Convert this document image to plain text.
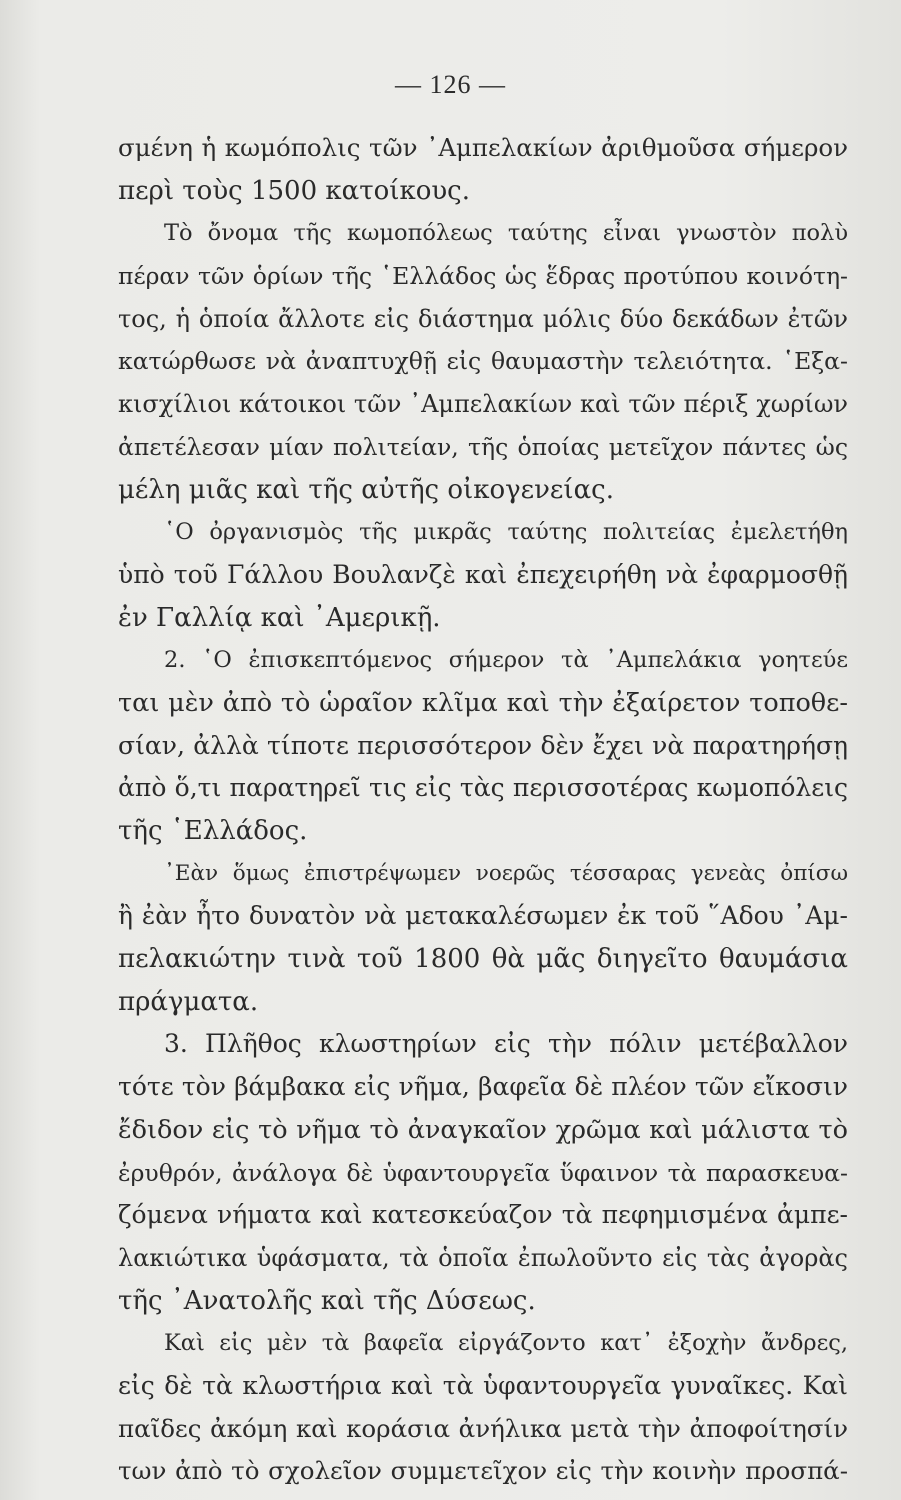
— 126 —
σμένη ἡ κωμόπολις τῶν ᾿Αμπελακίων ἀριθμοῦσα σήμερον
περὶ τοὺς 1500 κατοίκους.
Τὸ ὄνομα τῆς κωμοπόλεως ταύτης εἶναι γνωστὸν πολὺ
πέραν τῶν ὁρίων τῆς ῾Ελλάδος ὡς ἕδρας προτύπου κοινότη-
τος, ἡ ὁποία ἄλλοτε εἰς διάστημα μόλις δύο δεκάδων ἐτῶν
κατώρθωσε νὰ ἀναπτυχθῇ εἰς θαυμαστὴν τελειότητα. ῾Εξα-
κισχίλιοι κάτοικοι τῶν ᾿Αμπελακίων καὶ τῶν πέριξ χωρίων
ἀπετέλεσαν μίαν πολιτείαν, τῆς ὁποίας μετεῖχον πάντες ὡς
μέλη μιᾶς καὶ τῆς αὐτῆς οἰκογενείας.
῾Ο ὀργανισμὸς τῆς μικρᾶς ταύτης πολιτείας ἐμελετήθη
ὑπὸ τοῦ Γάλλου Βουλανζὲ καὶ ἐπεχειρήθη νὰ ἐφαρμοσθῇ
ἐν Γαλλίᾳ καὶ ᾿Αμερικῇ.
2. ῾Ο ἐπισκεπτόμενος σήμερον τὰ ᾿Αμπελάκια γοητεύε
ται μὲν ἀπὸ τὸ ὡραῖον κλῖμα καὶ τὴν ἐξαίρετον τοποθε-
σίαν, ἀλλὰ τίποτε περισσότερον δὲν ἔχει νὰ παρατηρήσῃ
ἀπὸ ὅ,τι παρατηρεῖ τις εἰς τὰς περισσοτέρας κωμοπόλεις
τῆς ῾Ελλάδος.
᾿Εὰν ὅμως ἐπιστρέψωμεν νοερῶς τέσσαρας γενεὰς ὀπίσω
ἢ ἐὰν ἦτο δυνατὸν νὰ μετακαλέσωμεν ἐκ τοῦ ῞Αδου ᾿Αμ-
πελακιώτην τινὰ τοῦ 1800 θὰ μᾶς διηγεῖτο θαυμάσια
πράγματα.
3. Πλῆθος κλωστηρίων εἰς τὴν πόλιν μετέβαλλον
τότε τὸν βάμβακα εἰς νῆμα, βαφεῖα δὲ πλέον τῶν εἴκοσιν
ἔδιδον εἰς τὸ νῆμα τὸ ἀναγκαῖον χρῶμα καὶ μάλιστα τὸ
ἐρυθρόν, ἀνάλογα δὲ ὑφαντουργεῖα ὕφαινον τὰ παρασκευα-
ζόμενα νήματα καὶ κατεσκεύαζον τὰ πεφημισμένα ἀμπε-
λακιώτικα ὑφάσματα, τὰ ὁποῖα ἐπωλοῦντο εἰς τὰς ἀγορὰς
τῆς ᾿Ανατολῆς καὶ τῆς Δύσεως.
Καὶ εἰς μὲν τὰ βαφεῖα εἰργάζοντο κατ᾿ ἐξοχὴν ἄνδρες,
εἰς δὲ τὰ κλωστήρια καὶ τὰ ὑφαντουργεῖα γυναῖκες. Καὶ
παῖδες ἀκόμη καὶ κοράσια ἀνήλικα μετὰ τὴν ἀποφοίτησίν
των ἀπὸ τὸ σχολεῖον συμμετεῖχον εἰς τὴν κοινὴν προσπά-
